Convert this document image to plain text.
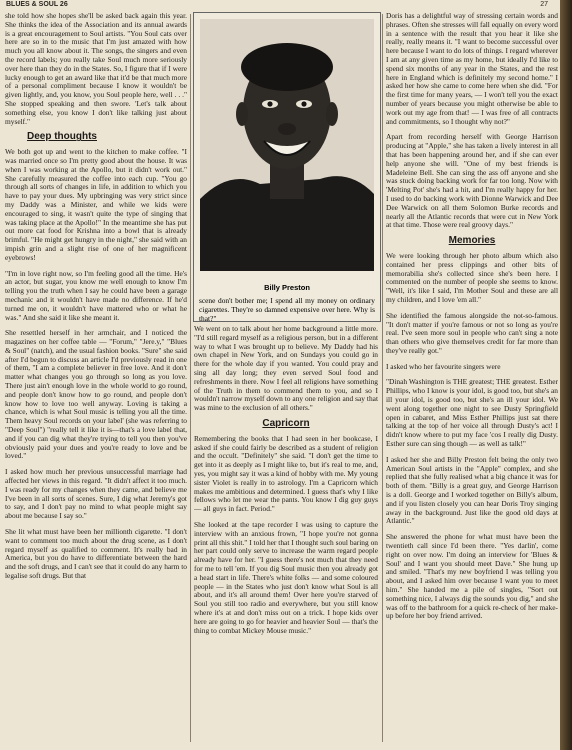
BLUES & SOUL 26	27

she told how she hopes she'll be asked back again this year. She thinks the idea of the Association and its annual awards is a great encouragement to Soul artists. "You Soul cats over here are so in to the music that I'm just amazed with how much you all know about it. The songs, the singers and even the record labels; you really take Soul much more seriously over here than they do in the States. So, I figure that if I were lucky enough to get an award like that it'd be that much more of a personal compliment because I know it wouldn't be given lightly, and, you know, you Soul people here, well . . ." She stopped speaking and then swore. 'Let's talk about something else, you know I don't like talking just about myself."

Deep thoughts

We both got up and went to the kitchen to make coffee. "I was married once so I'm pretty good about the house. It was when I was working at the Apollo, but it didn't work out." She carefully measured the coffee into each cup. "You go through all sorts of changes in life, in addition to which you have to pay your dues. My upbringing was very strict since my Daddy was a Minister, and while we kids were encouraged to sing, it wasn't quite the type of singing that was taking place at the Apollo!" In the meantime she has put out more cat food for Krishna into a bowl that is already brimful. "He might get hungry in the night," she said with an impish grin and a slight rise of one of her magnificent eyebrows!

"I'm in love right now, so I'm feeling good all the time. He's an actor, but sugar, you know me well enough to know I'm telling you the truth when I say he could have been a garage mechanic and it wouldn't have made no difference. If he'd turned me on, it wouldn't have mattered who or what he was." And she said it like she meant it.

She resettled herself in her armchair, and I noticed the magazines on her coffee table — "Forum," "Jere.y," "Blues & Soul" (natch), and the usual fashion books. "Sure" she said after I'd begun to discuss an article I'd previously read in one of them, "I am a complete believer in free love. And it don't matter what changes you go through so long as you love. There just ain't enough love in the whole world to go round, and people don't know how to go round, and people don't know how to love too well anyway. Loving is taking a chance, which is what Soul music is telling you all the time. Them heavy Soul records on your label' (she was referring to "Deep Soul") "really tell it like it is—that's a love label that, and if you can dig what they're trying to tell you then you've obviously paid your dues and you're ready to love and be loved."

I asked how much her previous unsuccessful marriage had affected her views in this regard. "It didn't affect it too much. I was ready for my changes when they came, and believe me I've been in all sorts of scenes. Sure, I dig what Jeremy's got to say, and I don't pay no mind to what people might say about me because I say so."

She lit what must have been her millionth cigarette. "I don't want to comment too much about the drug scene, as I don't regard myself as qualified to comment. It's really bad in America, but you do have to differentiate between the hard and the soft drugs, and I can't see that it could do any harm to legalise soft drugs. But that

Billy Preston
scene don't bother me; I spend all my money on ordinary cigarettes. They're so damned expensive over here. Why is that?"

We went on to talk about her home background a little more. "I'd still regard myself as a religious person, but in a different way to what I was brought up to believe. My Daddy had his own chapel in New York, and on Sundays you could go in there for the whole day if you wanted. You could pray and sing all day long; they even served Soul food and refreshments in there. Now I feel all religions have something of the Truth in them to commend them to you, and so I wouldn't narrow myself down to any one religion and say that was mine to the exclusion of all others."

Capricorn

Remembering the books that I had seen in her bookcase, I asked if she could fairly be described as a student of religion and the occult. "Definitely" she said. "I don't get the time to get into it as deeply as I might like to, but it's real to me, and, yes, you might say it was a kind of hobby with me. My young sister Violet is really in to astrology. I'm a Capricorn which makes me ambitious and determined. I guess that's why I like fellows who let me wear the pants. You know I dig guy guys — all guys in fact. Period."

She looked at the tape recorder I was using to capture the interview with an anxious frown, "I hope you're not gonna print all this shit." I told her that I thought such soul baring on her part could only serve to increase the warm regard people already have for her. "I guess there's not much that they need for me to tell 'em. If you dig Soul music then you already got a head start in life. There's white folks — and some coloured people — in the States who just don't know what Soul is all about, and it's all around them! Over here you're starved of Soul you still too radio and everywhere, but you still know where it's at and don't miss out on a trick. I hope kids over here are going to go for heavier and heavier Soul — that's the thing to combat Mickey Mouse music."

Doris has a delightful way of stressing certain words and phrases. Often she stresses will fall equally on every word in a sentence with the result that you hear it like she really, really means it. "I want to become successful over here because I want to do lots of things. I regard wherever I am at any given time as my home, but ideally I'd like to spend six months of any year in the States, and the rest here in England which is definitely my second home." I asked her how she came to come here when she did. "For the first time for many years, — I won't tell you the exact number of years because you might otherwise be able to work out my age from that! — I was free of all contracts and commitments, so I thought why not?"

Apart from recording herself with George Harrison producing at "Apple," she has taken a lively interest in all that has been happening around her, and if she can ever help anyone she will. "One of my best friends is Madeleine Bell. She can sing the ass off anyone and she was stuck doing backing work for far too long. Now with 'Melting Pot' she's had a hit, and I'm really happy for her. I used to do backing work with Dionne Warwick and Dee Dee Warwick on all them Solomon Burke records and nearly all the Atlantic records that were cut in New York at that time. Those were real groovy days."

Memories

We were looking through her photo album which also contained her press clippings and other bits of memorabilia she's collected since she's been here. I commented on the number of people she seems to know. "Well, it's like I said, I'm Mother Soul and these are all my children, and I love 'em all."

She identified the famous alongside the not-so-famous. "It don't matter if you're famous or not so long as you're real. I've seen more soul in people who can't sing a note than others who give themselves credit for far more than they've really got."

I asked who her favourite singers were

"Dinah Washington is THE greatest; THE greatest. Esther Phillips, who I know is your idol, is good too, but she's an ill your idol, is good too, but she's an ill your idol. We went along together one night to see Dusty Springfield open in cabaret, and Miss Esther Phillips just sat there talking at the top of her voice all through Dusty's act! I didn't know where to put my face 'cos I really dig Dusty. Esther sure can sing though — as well as talk!"

I asked her she and Billy Preston felt being the only two American Soul artists in the "Apple" complex, and she replied that she fully realised what a big chance it was for both of them. "Billy is a great guy, and George Harrison is a doll. George and I worked together on Billy's album, and if you listen closely you can hear Doris Troy singing away in the background. Just like the good old days at Atlantic."

She answered the phone for what must have been the twentieth call since I'd been there. "Yes darlin', come right on over now. I'm doing an interview for 'Blues & Soul' and I want you should meet Dave." She hung up and smiled. "That's my new boyfriend I was telling you about, and I asked him over because I want you to meet him." She handed me a pile of singles, "Sort out something nice, I always dig the sounds you dig," and she was off to the bathroom for a quick re-check of her make-up before her boy friend arrived.
